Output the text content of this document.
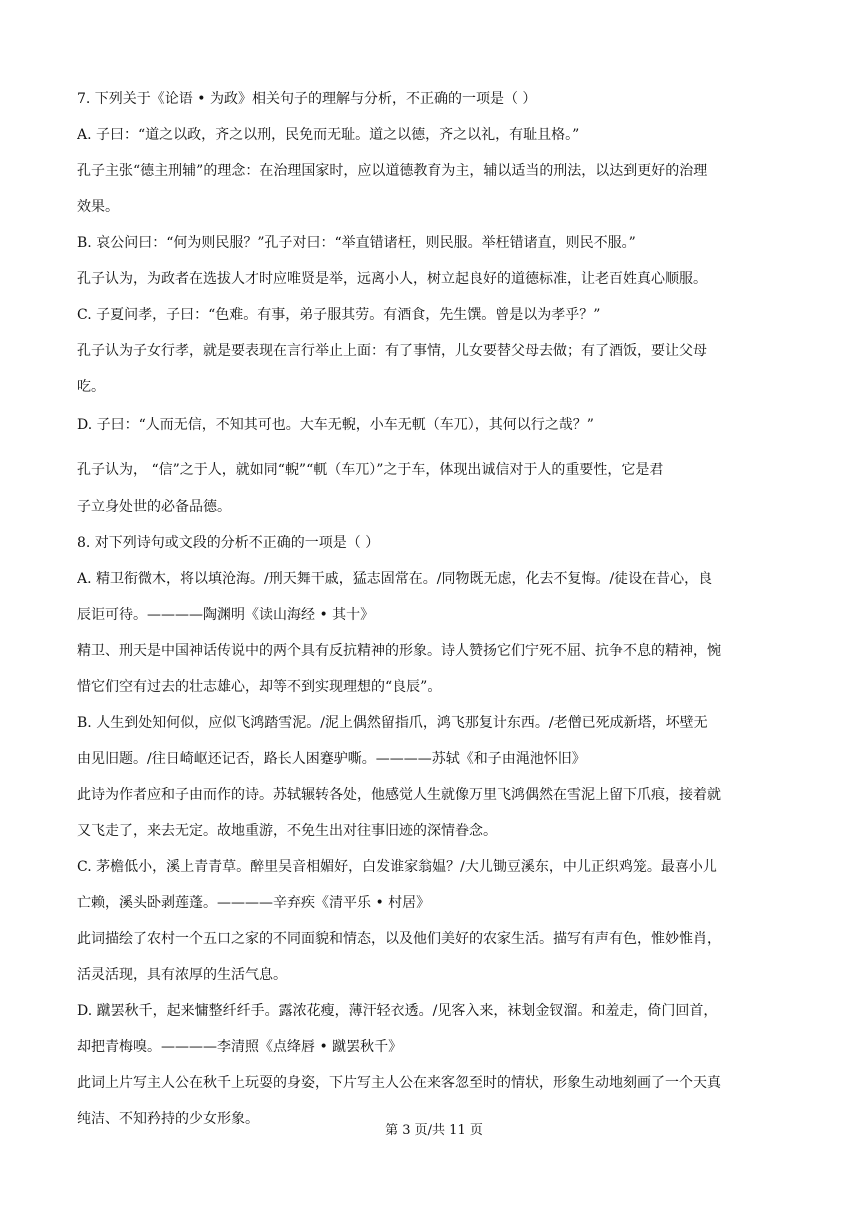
7. 下列关于《论语 • 为政》相关句子的理解与分析，不正确的一项是（ ）
A. 子曰：“道之以政，齐之以刑，民免而无耻。道之以德，齐之以礼，有耻且格。”
孔子主张“德主刑辅”的理念：在治理国家时，应以道德教育为主，辅以适当的刑法，以达到更好的治理
效果。
B. 哀公问曰：“何为则民服？”孔子对曰：“举直错诸枉，则民服。举枉错诸直，则民不服。”
孔子认为，为政者在选拔人才时应唯贤是举，远离小人，树立起良好的道德标准，让老百姓真心顺服。
C. 子夏问孝，子曰：“色难。有事，弟子服其劳。有酒食，先生馔。曾是以为孝乎？”
孔子认为子女行孝，就是要表现在言行举止上面：有了事情，儿女要替父母去做；有了酒饭，要让父母
吃。
D. 子曰：“人而无信，不知其可也。大车无輗，小车无軏（车兀），其何以行之哉？”
孔子认为， “信”之于人，就如同“輗”“軏（车兀）”之于车，体现出诚信对于人的重要性，它是君
子立身处世的必备品德。
8. 对下列诗句或文段的分析不正确的一项是（ ）
A. 精卫衔微木，将以填沧海。/刑天舞干戚，猛志固常在。/同物既无虑，化去不复悔。/徒设在昔心，良
辰讵可待。————陶渊明《读山海经 • 其十》
精卫、刑天是中国神话传说中的两个具有反抗精神的形象。诗人赞扬它们宁死不屈、抗争不息的精神，惋
惜它们空有过去的壮志雄心，却等不到实现理想的“良辰”。
B. 人生到处知何似，应似飞鸿踏雪泥。/泥上偶然留指爪，鸿飞那复计东西。/老僧已死成新塔，坏壁无
由见旧题。/往日崎岖还记否，路长人困蹇驴嘶。————苏轼《和子由渑池怀旧》
此诗为作者应和子由而作的诗。苏轼辗转各处，他感觉人生就像万里飞鸿偶然在雪泥上留下爪痕，接着就
又飞走了，来去无定。故地重游，不免生出对往事旧迹的深情眷念。
C. 茅檐低小，溪上青青草。醉里吴音相媚好，白发谁家翁媪？/大儿锄豆溪东，中儿正织鸡笼。最喜小儿
亡赖，溪头卧剥莲蓬。————辛弃疾《清平乐 • 村居》
此词描绘了农村一个五口之家的不同面貌和情态，以及他们美好的农家生活。描写有声有色，惟妙惟肖，
活灵活现，具有浓厚的生活气息。
D. 蹴罢秋千，起来慵整纤纤手。露浓花瘦，薄汗轻衣透。/见客入来，袜刬金钗溜。和羞走，倚门回首，
却把青梅嗅。————李清照《点绛唇 • 蹴罢秋千》
此词上片写主人公在秋千上玩耍的身姿，下片写主人公在来客忽至时的情状，形象生动地刻画了一个天真
纯洁、不知矜持的少女形象。
第 3 页/共 11 页
